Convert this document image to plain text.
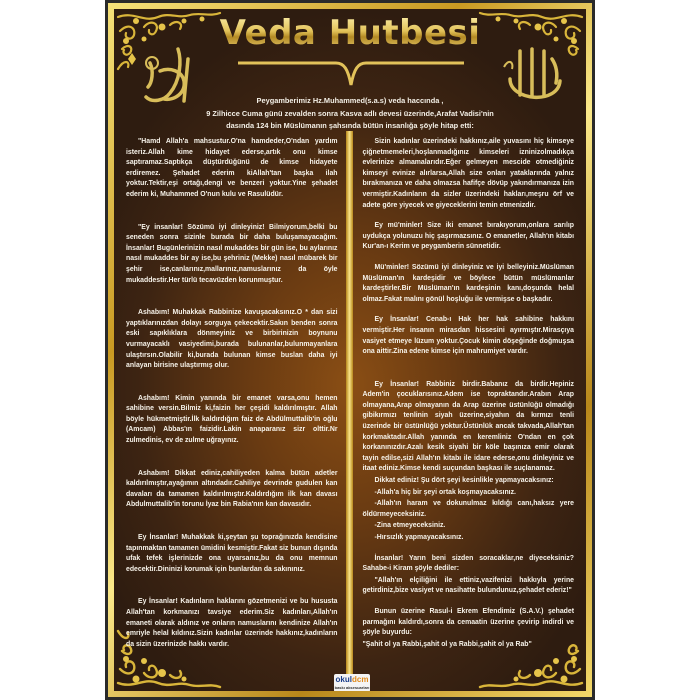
Veda Hutbesi
Peygamberimiz Hz.Muhammed(s.a.s) veda haccında ,
9 Zilhicce Cuma günü zevalden sonra Kasva adlı devesi üzerinde,Arafat Vadisi'nin
dasında 124 bin Müslümanın şahsında bütün insanlığa şöyle hitap etti:

"Hamd Allah'a mahsustur.O'na hamdeder,O'ndan yardım isteriz.Allah kime hidayet ederse,artık onu kimse saptıramaz.Saptıkça düştürdüğünü de kimse hidayete erdiremez. Şehadet ederim kiAllah'tan başka ilah yoktur.Tektir,eşi ortağı,dengi ve benzeri yoktur.Yine şehadet ederim ki, Muhammed O'nun kulu ve Rasulüdür.

"Ey insanlar! Sözümü iyi dinleyiniz! Bilmiyorum,belki bu seneden sonra sizinle burada bir daha buluşamayacağım. İnsanlar! Bugünlerinizin nasıl mukaddes bir gün ise, bu aylarınız nasıl mukaddes bir ay ise,bu şehriniz (Mekke) nasıl mübarek bir şehir ise,canlarınız,mallarınız,namuslarınız da öyle mukaddestir.Her türlü tecavüzden korunmuştur.

Ashabım! Muhakkak Rabbinize kavuşacaksınız.O * dan sizi yaptıklarınızdan dolayı sorguya çekecektir.Sakın benden sonra eski sapıklıklara dönmeyiniz ve birbirinizin boynunu vurmayacaklı vasiyedimi,burada bulunanlar,bulunmayanlara ulaştırsın.Olabilir ki,burada bulunan kimse buslan daha iyi anlayan birisine ulaştırmış olur.

Ashabım! Kimin yanında bir emanet varsa,onu hemen sahibine versin.Bilmiz ki,faizin her çeşidi kaldırılmıştır. Allah böyle hükmetmiştir.İlk kaldırdığım faiz de Abdülmuttalib'in oğlu (Amcam) Abbas'ın faizidir.Lakin anaparanız sizr olttir.Nr zulmedinis, ev de zulme uğrayınız.

Ashabım! Dikkat ediniz,cahiliyeden kalma bütün adetler kaldırılmıştır,ayağımın altındadır.Cahiliye devrinde gudulen kan davaları da tamamen kaldırılmıştır.Kaldırdığım ilk kan davası Abdulmuttalib'in torunu İyaz bin Rabia'nın kan davasıdır.

Ey İnsanlar! Muhakkak ki,şeytan şu toprağınızda kendisine tapınmaktan tamamen ümidini kesmiştir.Fakat siz bunun dışında ufak tefek işlerinizde ona uyarsanız,bu da onu memnun edecektir.Dininizi korumak için bunlardan da sakınınız.

Ey İnsanlar! Kadınların haklarını gözetmenizi ve bu hususta Allah'tan korkmanızı tavsiye ederim.Siz kadınları,Allah'ın emaneti olarak aldınız ve onların namuslarını kendinize Allah'ın emriyle helal kıldınız.Sizin kadınlar üzerinde hakkınız,kadınların da sizin üzerinizde hakkı vardır.

Sizin kadınlar üzerindeki hakkınız,aile yuvasını hiç kimseye çiğnetmemeleri,hoşlanmadığınız kimseleri izninizolmadıkça evlerinize almamalarıdır.Eğer gelmeyen mescide otmediğiniz kimseyi evinize alırlarsa,Allah size onları yataklarında yalnız bırakmanıza ve daha olmazsa hafifçe dövüp yakındırmanıza izin vermiştir.Kadınların da sizler üzerindeki hakları,meşru örf ve adete göre yiyecek ve giyeceklerini temin etmenizdir.

Ey mü'minler! Size iki emanet bırakıyorum,onlara sarılıp uydukça yolunuzu hiç şaşırmazsınız. O emanetler, Allah'ın kitabı Kur'an-ı Kerim ve peygamberin sünnetidir.

Mü'minler! Sözümü iyi dinleyiniz ve iyi belleyiniz.Müslüman Müslüman'ın kardeşidir ve böylece bütün müslümanlar kardeştirler.Bir Müslüman'ın kardeşinin kanı,doşunda helal olmaz.Fakat malını gönül hoşluğu ile vermişse o başkadır.

Ey İnsanlar! Cenab-ı Hak her hak sahibine hakkını vermiştir.Her insanın mirasdan hissesini ayırmıştır.Mirasçıya vasiyet etmeye lüzum yoktur.Çocuk kimin döşeğinde doğmuşsa ona aittir.Zina edene kimse için mahrumiyet vardır.

Ey İnsanlar! Rabbiniz birdir.Babanız da birdir.Hepiniz Adem'in çocuklarısınız.Adem ise topraktandır.Arabın Arap olmayana,Arap olmayanın da Arap üzerine üstünlüğü olmadığı gibikırmızı tenlinin siyah üzerine,siyahın da kırmızı tenli üzerinde bir üstünlüğü yoktur.Üstünlük ancak takvada,Allah'tan korkmaktadır.Allah yanında en keremliniz O'ndan en çok korkanınızdır.Azalı kesik siyahi bir köle başınıza emir olarak tayin edilse,sizi Allah'ın kitabı ile idare ederse,onu dinleyiniz ve itaat ediniz.Kimse kendi suçundan başkası ile suçlanamaz.

Dikkat ediniz! Şu dört şeyi kesinlikle yapmayacaksınız:

-Allah'a hiç bir şeyi ortak koşmayacaksınız.

-Allah'ın haram ve dokunulmaz kıldığı canı,haksız yere öldürmeyeceksiniz.

-Zina etmeyeceksiniz.

-Hırsızlık yapmayacaksınız.

İnsanlar! Yarın beni sizden soracaklar,ne diyeceksiniz? Sahabe-i Kiram şöyle dediler:

"Allah'ın elçiliğini ile ettiniz,vazifenizi hakkıyla yerine getirdiniz,bize vasiyet ve nasihatte bulundunuz,şehadet ederiz!"

Bunun üzerine Rasul-i Ekrem Efendimiz (S.A.V.) şehadet parmağını kaldırdı,sonra da cemaatin üzerine çevirip indirdi ve şöyle buyurdu:

"Şahit ol ya Rabbi,şahit ol ya Rabbi,şahit ol ya Rab"

okuldcm
baskı aksesuarları
